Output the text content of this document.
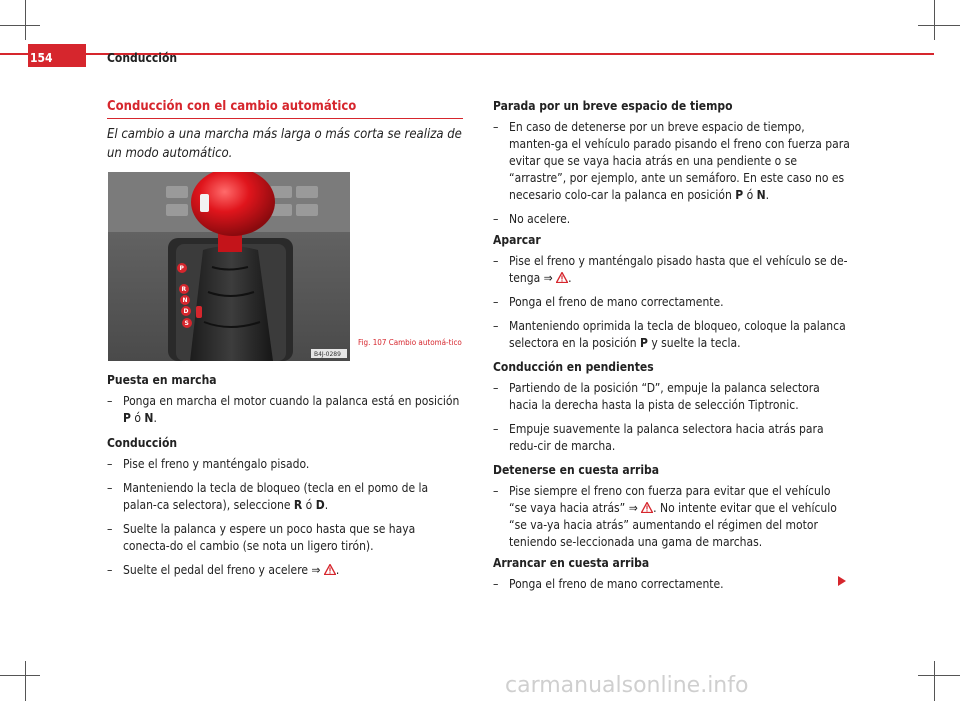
154	Conducción
Conducción con el cambio automático
El cambio a una marcha más larga o más corta se realiza de un modo automático.
P
R
N
D
S
B4J-0289
Fig. 107 Cambio automá-tico
Puesta en marcha
– Ponga en marcha el motor cuando la palanca está en posición P ó N.
Conducción
– Pise el freno y manténgalo pisado.
– Manteniendo la tecla de bloqueo (tecla en el pomo de la palan-ca selectora), seleccione R ó D.
– Suelte la palanca y espere un poco hasta que se haya conecta-do el cambio (se nota un ligero tirón).
– Suelte el pedal del freno y acelere ⇒ .
Parada por un breve espacio de tiempo
– En caso de detenerse por un breve espacio de tiempo, manten-ga el vehículo parado pisando el freno con fuerza para evitar que se vaya hacia atrás en una pendiente o se “arrastre”, por ejemplo, ante un semáforo. En este caso no es necesario colo-car la palanca en posición P ó N.
– No acelere.
Aparcar
– Pise el freno y manténgalo pisado hasta que el vehículo se de-tenga ⇒ .
– Ponga el freno de mano correctamente.
– Manteniendo oprimida la tecla de bloqueo, coloque la palanca selectora en la posición P y suelte la tecla.
Conducción en pendientes
– Partiendo de la posición “D”, empuje la palanca selectora hacia la derecha hasta la pista de selección Tiptronic.
– Empuje suavemente la palanca selectora hacia atrás para redu-cir de marcha.
Detenerse en cuesta arriba
– Pise siempre el freno con fuerza para evitar que el vehículo “se vaya hacia atrás” ⇒ . No intente evitar que el vehículo “se va-ya hacia atrás” aumentando el régimen del motor teniendo se-leccionada una gama de marchas.
Arrancar en cuesta arriba
– Ponga el freno de mano correctamente.
carmanualsonline.info
